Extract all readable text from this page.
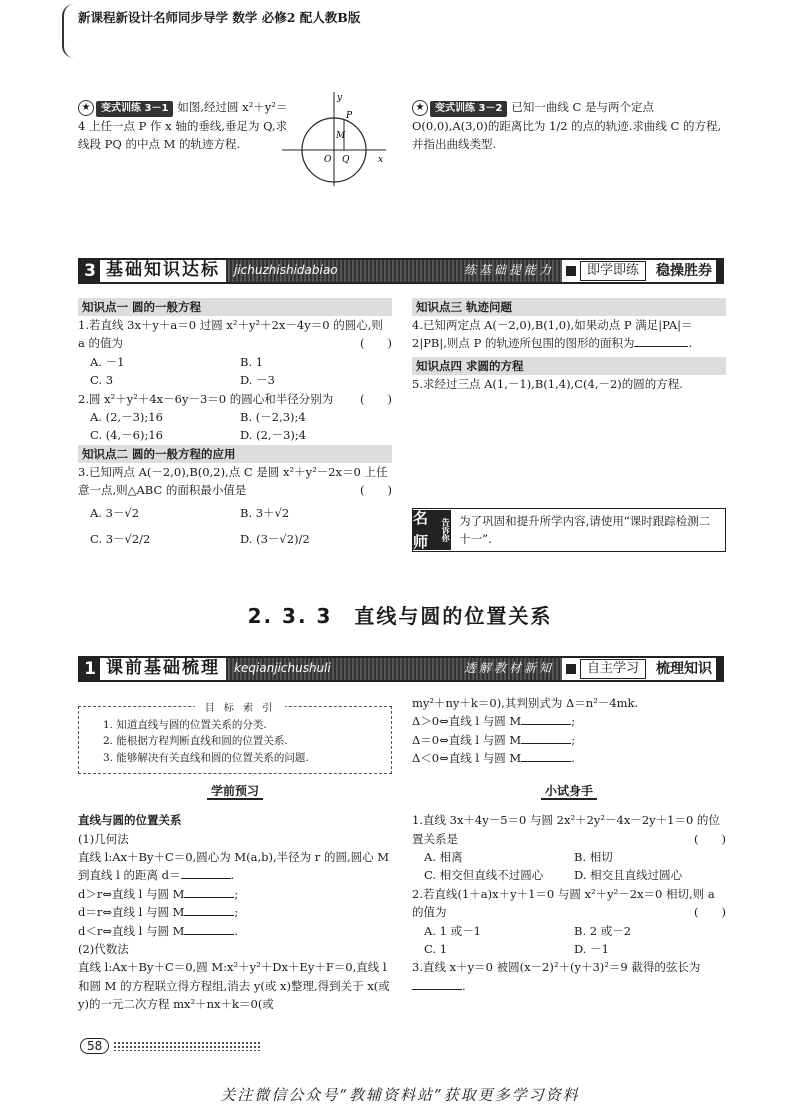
新课程新设计名师同步导学 数学 必修2 配人教B版
★ 变式训练 3－1 如图,经过圆 x²＋y²＝4 上任一点 P 作 x 轴的垂线,垂足为 Q,求线段 PQ 的中点 M 的轨迹方程.
y
x
O Q
P
M
★ 变式训练 3－2 已知一曲线 C 是与两个定点 O(0,0),A(3,0)的距离比为 1/2 的点的轨迹.求曲线 C 的方程,并指出曲线类型.
3 基础知识达标	jichuzhishidabiao	练基础提能力	即学即练	稳操胜券
知识点一 圆的一般方程
1.若直线 3x＋y＋a＝0 过圆 x²＋y²＋2x－4y＝0 的圆心,则 a 的值为	(　　)
A. －1	B. 1
C. 3	D. －3
2.圆 x²＋y²＋4x－6y－3＝0 的圆心和半径分别为 (　　)
A. (2,－3);16	B. (－2,3);4
C. (4,－6);16	D. (2,－3);4
知识点二 圆的一般方程的应用
3.已知两点 A(－2,0),B(0,2),点 C 是圆 x²＋y²－2x＝0 上任意一点,则△ABC 的面积最小值是	(　　)
A. 3－√2	B. 3＋√2
C. 3－√2/2	D. (3－√2)/2
知识点三 轨迹问题
4.已知两定点 A(－2,0),B(1,0),如果动点 P 满足|PA|＝2|PB|,则点 P 的轨迹所包围的图形的面积为	.
知识点四 求圆的方程
5.求经过三点 A(1,－1),B(1,4),C(4,－2)的圆的方程.
名师	告诉你 为了巩固和提升所学内容,请使用“课时跟踪检测二十一”.
2. 3. 3　直线与圆的位置关系
1 课前基础梳理	keqianjichushuli	透解教材新知	自主学习	梳理知识
目 标 索 引
1. 知道直线与圆的位置关系的分类.
2. 能根据方程判断直线和圆的位置关系.
3. 能够解决有关直线和圆的位置关系的问题.
学前预习
直线与圆的位置关系
(1)几何法
直线 l:Ax＋By＋C＝0,圆心为 M(a,b),半径为 r 的圆,圆心 M 到直线 l 的距离 d＝	.
d＞r⇔直线 l 与圆 M	;
d＝r⇔直线 l 与圆 M	;
d＜r⇔直线 l 与圆 M	.
(2)代数法
直线 l:Ax＋By＋C＝0,圆 M:x²＋y²＋Dx＋Ey＋F＝0,直线 l 和圆 M 的方程联立得方程组,消去 y(或 x)整理,得到关于 x(或 y)的一元二次方程 mx²＋nx＋k＝0(或
my²＋ny＋k＝0),其判别式为 Δ＝n²－4mk.
Δ＞0⇔直线 l 与圆 M	;
Δ＝0⇔直线 l 与圆 M	;
Δ＜0⇔直线 l 与圆 M	.
小试身手
1.直线 3x＋4y－5＝0 与圆 2x²＋2y²－4x－2y＋1＝0 的位置关系是	(　　)
A. 相离	B. 相切
C. 相交但直线不过圆心	D. 相交且直线过圆心
2.若直线(1＋a)x＋y＋1＝0 与圆 x²＋y²－2x＝0 相切,则 a 的值为	(　　)
A. 1 或－1	B. 2 或－2
C. 1	D. －1
3.直线 x＋y＝0 被圆(x－2)²＋(y＋3)²＝9 截得的弦长为.
58
关注微信公众号“教辅资料站”获取更多学习资料
